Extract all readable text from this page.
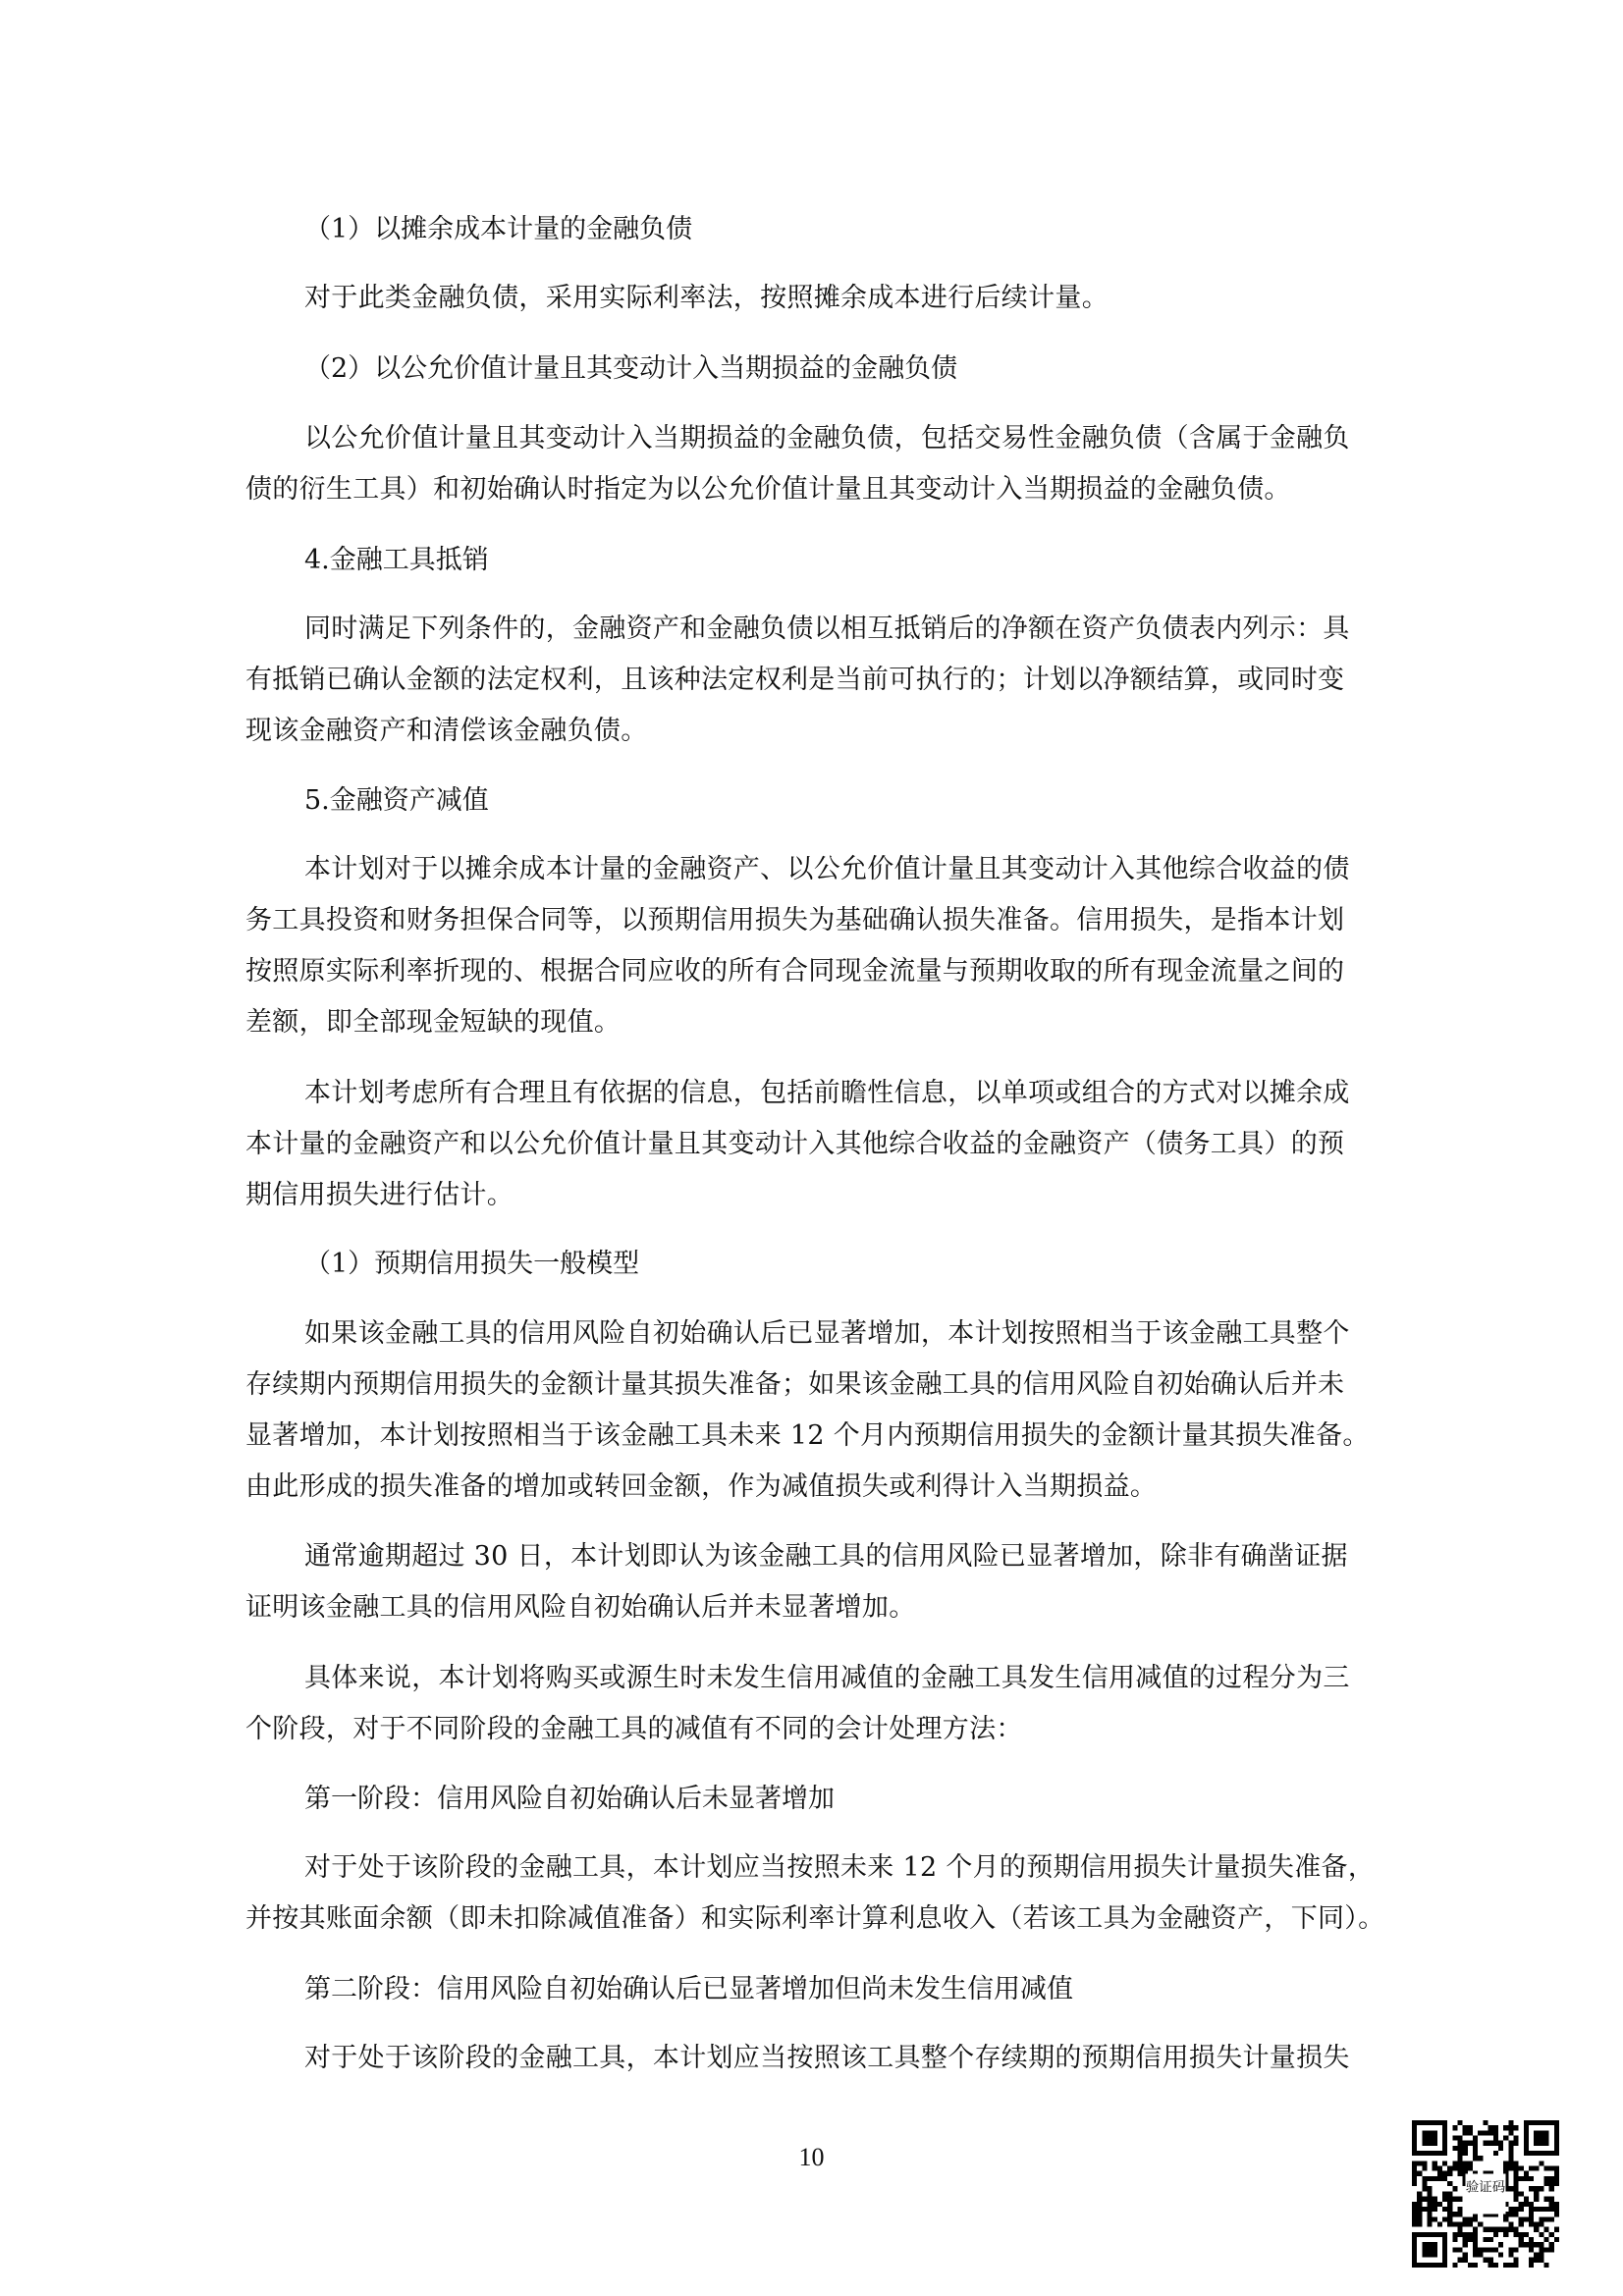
（1）以摊余成本计量的金融负债

对于此类金融负债，采用实际利率法，按照摊余成本进行后续计量。

（2）以公允价值计量且其变动计入当期损益的金融负债

以公允价值计量且其变动计入当期损益的金融负债，包括交易性金融负债（含属于金融负
债的衍生工具）和初始确认时指定为以公允价值计量且其变动计入当期损益的金融负债。

4.金融工具抵销

同时满足下列条件的，金融资产和金融负债以相互抵销后的净额在资产负债表内列示：具
有抵销已确认金额的法定权利，且该种法定权利是当前可执行的；计划以净额结算，或同时变
现该金融资产和清偿该金融负债。

5.金融资产减值

本计划对于以摊余成本计量的金融资产、以公允价值计量且其变动计入其他综合收益的债
务工具投资和财务担保合同等，以预期信用损失为基础确认损失准备。信用损失，是指本计划
按照原实际利率折现的、根据合同应收的所有合同现金流量与预期收取的所有现金流量之间的
差额，即全部现金短缺的现值。

本计划考虑所有合理且有依据的信息，包括前瞻性信息，以单项或组合的方式对以摊余成
本计量的金融资产和以公允价值计量且其变动计入其他综合收益的金融资产（债务工具）的预
期信用损失进行估计。

（1）预期信用损失一般模型

如果该金融工具的信用风险自初始确认后已显著增加，本计划按照相当于该金融工具整个
存续期内预期信用损失的金额计量其损失准备；如果该金融工具的信用风险自初始确认后并未
显著增加，本计划按照相当于该金融工具未来 12 个月内预期信用损失的金额计量其损失准备。
由此形成的损失准备的增加或转回金额，作为减值损失或利得计入当期损益。

通常逾期超过 30 日，本计划即认为该金融工具的信用风险已显著增加，除非有确凿证据
证明该金融工具的信用风险自初始确认后并未显著增加。

具体来说，本计划将购买或源生时未发生信用减值的金融工具发生信用减值的过程分为三
个阶段，对于不同阶段的金融工具的减值有不同的会计处理方法：

第一阶段：信用风险自初始确认后未显著增加

对于处于该阶段的金融工具，本计划应当按照未来 12 个月的预期信用损失计量损失准备，
并按其账面余额（即未扣除减值准备）和实际利率计算利息收入（若该工具为金融资产，下同）。

第二阶段：信用风险自初始确认后已显著增加但尚未发生信用减值

对于处于该阶段的金融工具，本计划应当按照该工具整个存续期的预期信用损失计量损失

10
验证码
